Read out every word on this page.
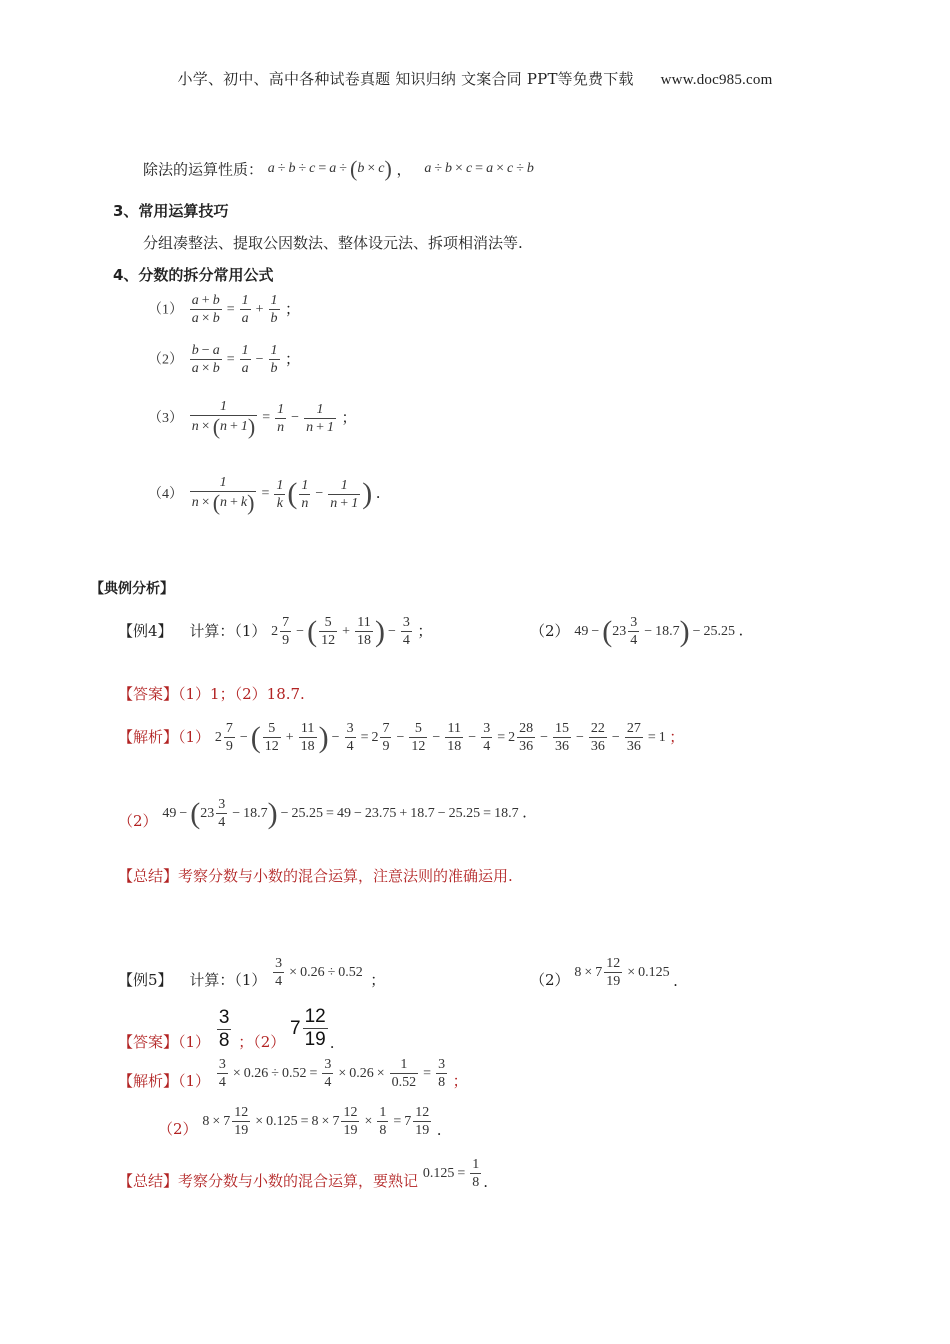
小学、初中、高中各种试卷真题 知识归纳 文案合同 PPT等免费下载 www.doc985.com
除法的运算性质： a ÷ b ÷ c = a ÷ (b × c) ， a ÷ b × c = a × c ÷ b
3、常用运算技巧
分组凑整法、提取公因数法、整体设元法、拆项相消法等.
4、分数的拆分常用公式
$(1) \frac{a + b}{a \times b} = \frac{1}{a} + \frac{1}{b}$ ；
$(2) \frac{b - a}{a \times b} = \frac{1}{a} - \frac{1}{b}$ ；
$(3) \frac{1}{n \times (n + 1)} = \frac{1}{n} - \frac{1}{n + 1}$ ；
$(4) \frac{1}{n \times (n + k)} = \frac{1}{k}$ ( $\frac{1}{n} - \frac{1}{n + 1}$ ) .
【典例分析】
【例4】 计算：（1） $2 \frac{7}{9}$ − ( $\frac{5}{12} + \frac{11}{18}$ ) − $\frac{3}{4}$ ；	（2） $49 - (23 \frac{3}{4} - 18.7) - 25.25$ .
【答案】（1）1；（2）18.7.
【解析】（1） $2 \frac{7}{9}$ − ( $\frac{5}{12} + \frac{11}{18}$ ) − $\frac{3}{4} = 2 \frac{7}{9} - \frac{5}{12} - \frac{11}{18} - \frac{3}{4} = 2 \frac{28}{36} - \frac{15}{36} - \frac{22}{36} - \frac{27}{36} = 1$ ；
（2） $49 - (23 \frac{3}{4} - 18.7) - 25.25 = 49 - 23.75 + 18.7 - 25.25 = 18.7$ .
【总结】考察分数与小数的混合运算，注意法则的准确运用.
【例5】 计算：$(1) \frac{3}{4} \times 0.26 \div 0.52$ ；	（2） $8 \times 7 \frac{12}{19} \times 0.125$ .
【答案】$(1) \frac{3}{8}$ ；（2） $7 \frac{12}{19}$ .
【解析】$(1) \frac{3}{4} \times 0.26 \div 0.52 = \frac{3}{4} \times 0.26 \times \frac{1}{0.52} = \frac{3}{8}$ ；
（2） $8 \times 7 \frac{12}{19} \times 0.125 = 8 \times 7 \frac{12}{19} \times \frac{1}{8} = 7 \frac{12}{19}$ .
【总结】考察分数与小数的混合运算，要熟记 $0.125 = \frac{1}{8}$ .
